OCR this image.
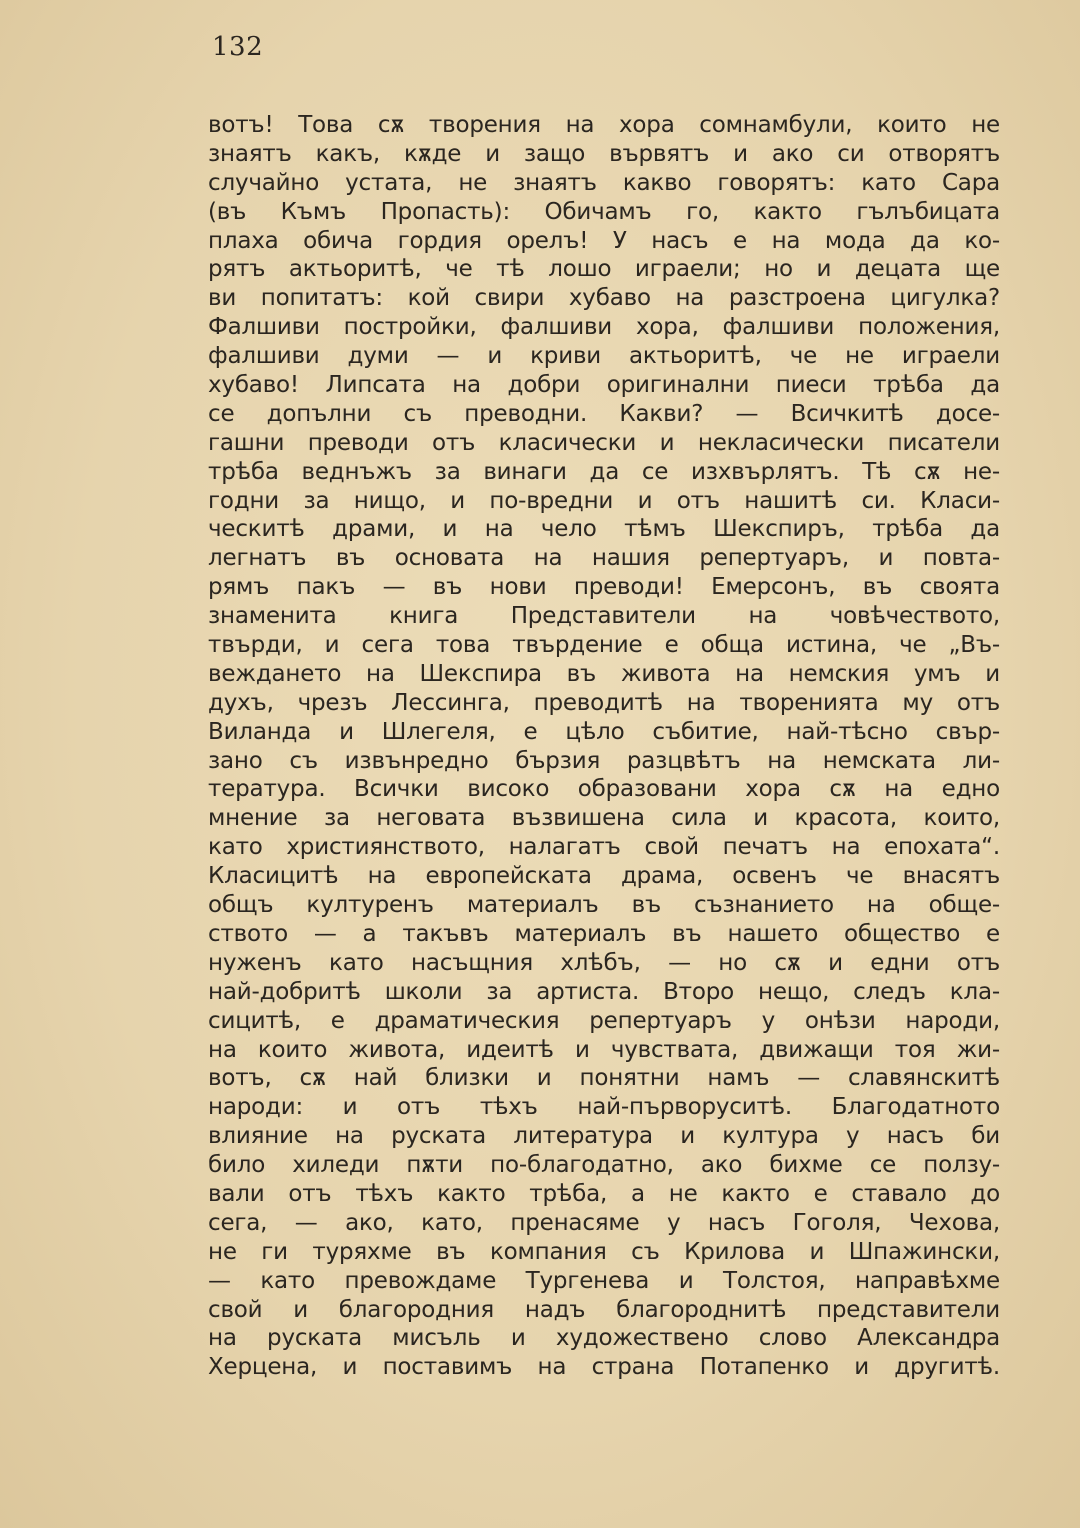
132
вотъ! Това сѫ творения на хора сомнамбули, които не
знаятъ какъ, кѫде и защо вървятъ и ако си отворятъ
случайно устата, не знаятъ какво говорятъ: като Сара
(въ Къмъ Пропасть): Обичамъ го, както гълъбицата
плаха обича гордия орелъ! У насъ е на мода да ко-
рятъ актьоритѣ, че тѣ лошо играели; но и децата ще
ви попитатъ: кой свири хубаво на разстроена цигулка?
Фалшиви постройки, фалшиви хора, фалшиви положения,
фалшиви думи — и криви актьоритѣ, че не играели
хубаво! Липсата на добри оригинални пиеси трѣба да
се допълни съ преводни. Какви? — Всичкитѣ досе-
гашни преводи отъ класически и некласически писатели
трѣба веднъжъ за винаги да се изхвърлятъ. Тѣ сѫ не-
годни за нищо, и по-вредни и отъ нашитѣ си. Класи-
ческитѣ драми, и на чело тѣмъ Шекспиръ, трѣба да
легнатъ въ основата на нашия репертуаръ, и повта-
рямъ пакъ — въ нови преводи! Емерсонъ, въ своята
знаменита книга Представители на човѣчеството,
твърди, и сега това твърдение е обща истина, че „Въ-
веждането на Шекспира въ живота на немския умъ и
духъ, чрезъ Лессинга, преводитѣ на творенията му отъ
Виланда и Шлегеля, е цѣло събитие, най-тѣсно свър-
зано съ извънредно бързия разцвѣтъ на немската ли-
тература. Всички високо образовани хора сѫ на едно
мнение за неговата възвишена сила и красота, които,
като християнството, налагатъ свой печатъ на епохата“.
Класицитѣ на европейската драма, освенъ че внасятъ
общъ културенъ материалъ въ съзнанието на обще-
ството — а такъвъ материалъ въ нашето общество е
нуженъ като насъщния хлѣбъ, — но сѫ и едни отъ
най-добритѣ школи за артиста. Второ нещо, следъ кла-
сицитѣ, е драматическия репертуаръ у онѣзи народи,
на които живота, идеитѣ и чувствата, движащи тоя жи-
вотъ, сѫ най близки и понятни намъ — славянскитѣ
народи: и отъ тѣхъ най-първоруситѣ. Благодатното
влияние на руската литература и култура у насъ би
било хиледи пѫти по-благодатно, ако бихме се ползу-
вали отъ тѣхъ както трѣба, а не както е ставало до
сега, — ако, като, пренасяме у насъ Гоголя, Чехова,
не ги туряхме въ компания съ Крилова и Шпажински,
— като превождаме Тургенева и Толстоя, направѣхме
свой и благородния надъ благороднитѣ представители
на руската мисъль и художествено слово Александра
Херцена, и поставимъ на страна Потапенко и другитѣ.
